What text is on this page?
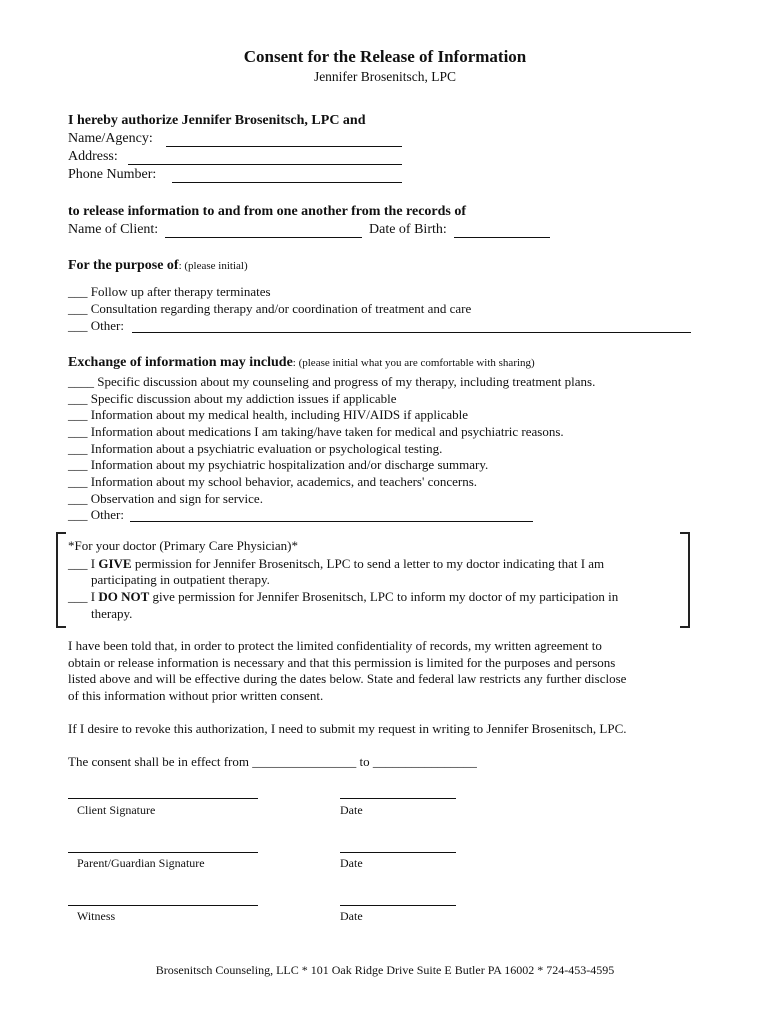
Consent for the Release of Information
Jennifer Brosenitsch, LPC
I hereby authorize Jennifer Brosenitsch, LPC and
Name/Agency:
Address:
Phone Number:
to release information to and from one another from the records of
Name of Client:	Date of Birth:
For the purpose of: (please initial)
___ Follow up after therapy terminates
___ Consultation regarding therapy and/or coordination of treatment and care
___ Other:
Exchange of information may include: (please initial what you are comfortable with sharing)
____ Specific discussion about my counseling and progress of my therapy, including treatment plans.
___ Specific discussion about my addiction issues if applicable
___ Information about my medical health, including HIV/AIDS if applicable
___ Information about medications I am taking/have taken for medical and psychiatric reasons.
___ Information about a psychiatric evaluation or psychological testing.
___ Information about my psychiatric hospitalization and/or discharge summary.
___ Information about my school behavior, academics, and teachers' concerns.
___ Observation and sign for service.
___ Other:
*For your doctor (Primary Care Physician)*
___ I GIVE permission for Jennifer Brosenitsch, LPC to send a letter to my doctor indicating that I am
participating in outpatient therapy.
___ I DO NOT give permission for Jennifer Brosenitsch, LPC to inform my doctor of my participation in
therapy.
I have been told that, in order to protect the limited confidentiality of records, my written agreement to
obtain or release information is necessary and that this permission is limited for the purposes and persons
listed above and will be effective during the dates below. State and federal law restricts any further disclose
of this information without prior written consent.
If I desire to revoke this authorization, I need to submit my request in writing to Jennifer Brosenitsch, LPC.
The consent shall be in effect from ________________ to ________________
Client Signature	Date
Parent/Guardian Signature	Date
Witness	Date
Brosenitsch Counseling, LLC * 101 Oak Ridge Drive Suite E Butler PA 16002 * 724-453-4595
